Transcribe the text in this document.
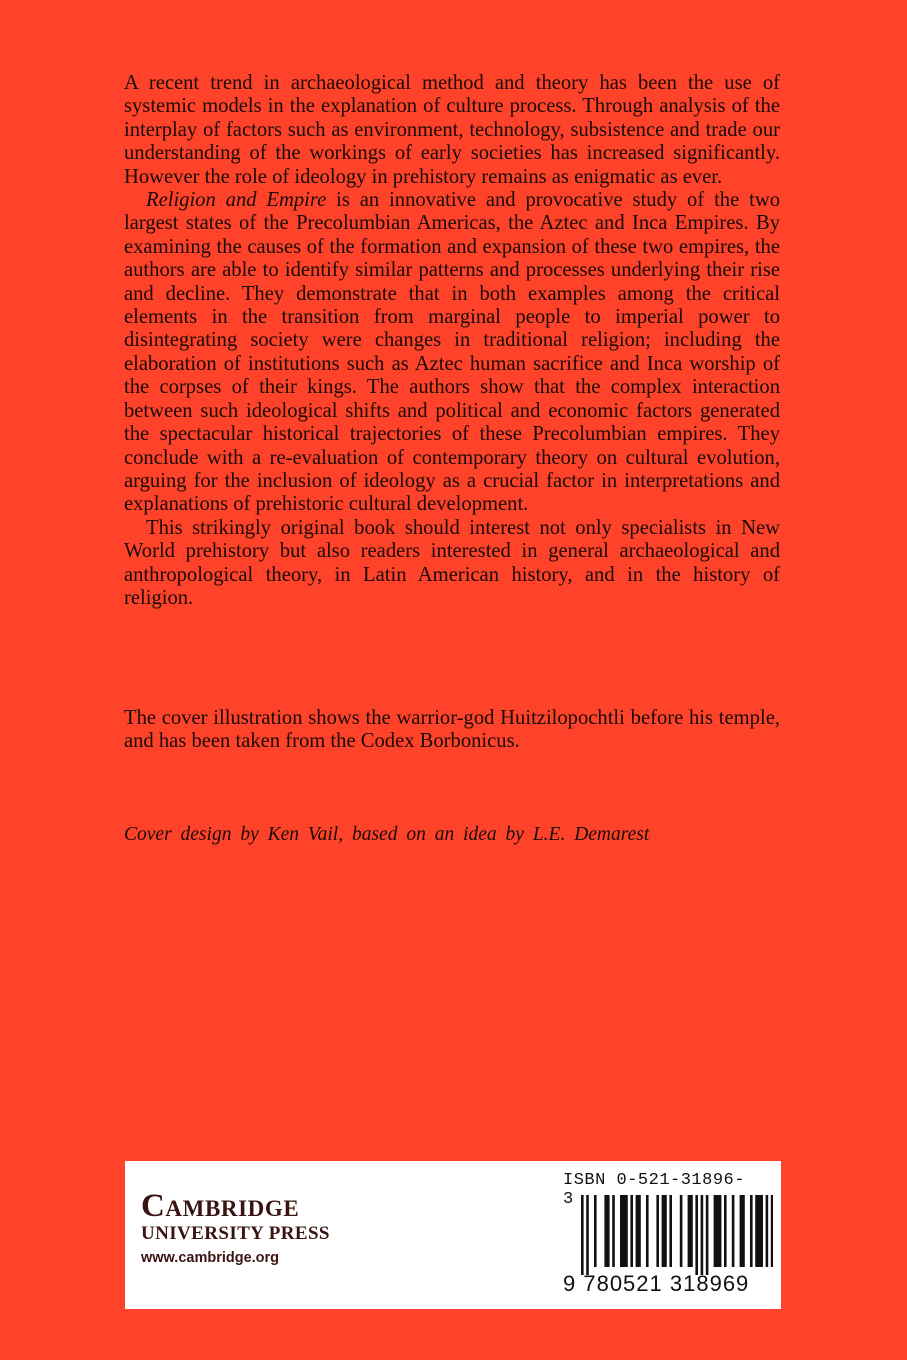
A recent trend in archaeological method and theory has been the use of systemic models in the explanation of culture process. Through analysis of the interplay of factors such as environment, technology, subsistence and trade our understanding of the workings of early societies has increased significantly. However the role of ideology in prehistory remains as enigmatic as ever.

Religion and Empire is an innovative and provocative study of the two largest states of the Precolumbian Americas, the Aztec and Inca Empires. By examining the causes of the formation and expansion of these two empires, the authors are able to identify similar patterns and processes underlying their rise and decline. They demonstrate that in both examples among the critical elements in the transition from marginal people to imperial power to disintegrating society were changes in traditional religion; including the elaboration of institutions such as Aztec human sacrifice and Inca worship of the corpses of their kings. The authors show that the complex interaction between such ideological shifts and political and economic factors generated the spectacular historical trajectories of these Precolumbian empires. They conclude with a re-evaluation of contemporary theory on cultural evolution, arguing for the inclusion of ideology as a crucial factor in interpretations and explanations of prehistoric cultural development.

This strikingly original book should interest not only specialists in New World prehistory but also readers interested in general archaeological and anthropological theory, in Latin American history, and in the history of religion.

The cover illustration shows the warrior-god Huitzilopochtli before his temple, and has been taken from the Codex Borbonicus.
Cover design by Ken Vail, based on an idea by L.E. Demarest
Cambridge
UNIVERSITY PRESS
www.cambridge.org
ISBN 0-521-31896-3
9 780521 318969
